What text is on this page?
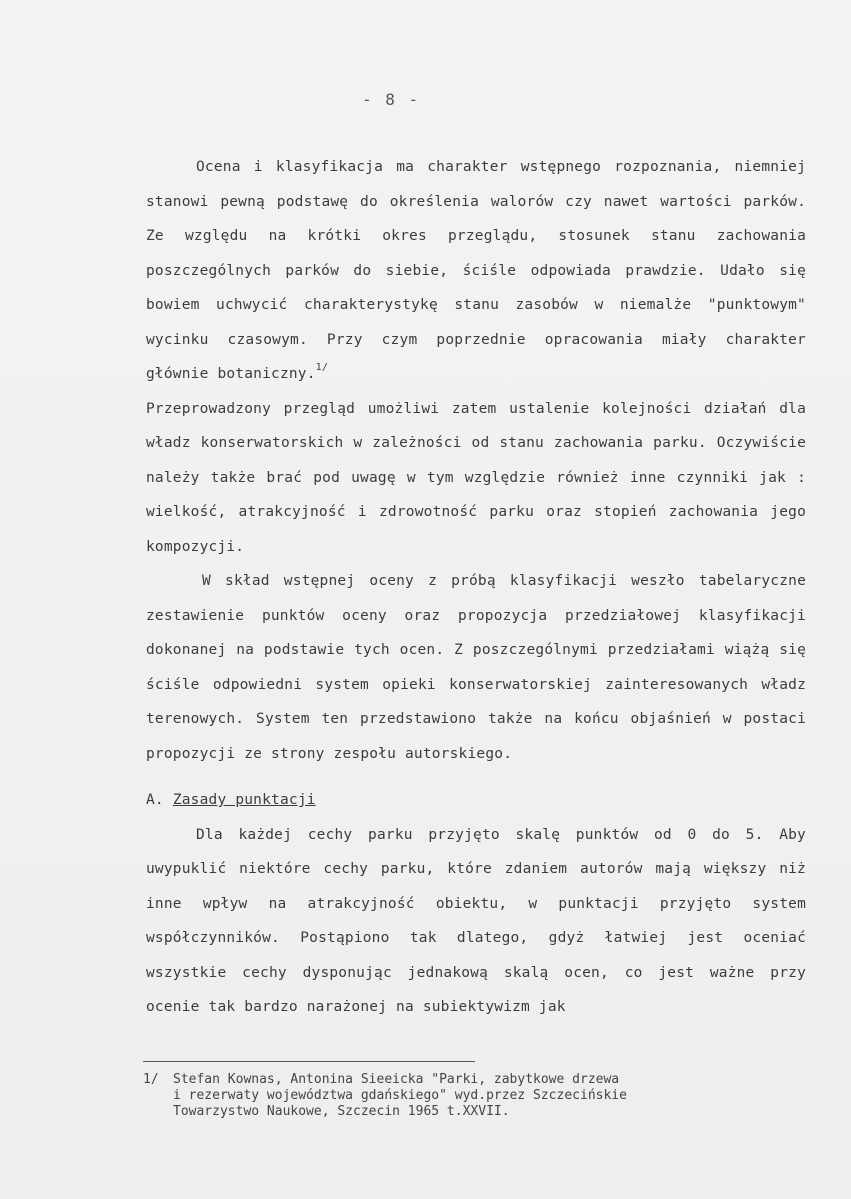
- 8 -

Ocena i klasyfikacja ma charakter wstępnego rozpoznania, niemniej stanowi pewną podstawę do określenia walorów czy nawet wartości parków. Ze względu na krótki okres przeglądu, stosunek stanu zachowania poszczególnych parków do siebie, ściśle odpowiada prawdzie. Udało się bowiem uchwycić charakterystykę stanu zasobów w niemalże "punktowym" wycinku czasowym. Przy czym poprzednie opracowania miały charakter głównie botaniczny.$^{1/}$

Przeprowadzony przegląd umożliwi zatem ustalenie kolejności działań dla władz konserwatorskich w zależności od stanu zachowania parku. Oczywiście należy także brać pod uwagę w tym względzie również inne czynniki jak : wielkość, atrakcyjność i zdrowotność parku oraz stopień zachowania jego kompozycji.

W skład wstępnej oceny z próbą klasyfikacji weszło tabelaryczne zestawienie punktów oceny oraz propozycja przedziałowej klasyfikacji dokonanej na podstawie tych ocen. Z poszczególnymi przedziałami wiążą się ściśle odpowiedni system opieki konserwatorskiej zainteresowanych władz terenowych. System ten przedstawiono także na końcu objaśnień w postaci propozycji ze strony zespołu autorskiego.

A. Zasady punktacji

Dla każdej cechy parku przyjęto skalę punktów od 0 do 5. Aby uwypuklić niektóre cechy parku, które zdaniem autorów mają większy niż inne wpływ na atrakcyjność obiektu, w punktacji przyjęto system współczynników. Postąpiono tak dlatego, gdyż łatwiej jest oceniać wszystkie cechy dysponując jednakową skalą ocen, co jest ważne przy ocenie tak bardzo narażonej na subiektywizm jak

1/ Stefan Kownas, Antonina Sieeicka "Parki, zabytkowe drzewa
i rezerwaty województwa gdańskiego" wyd.przez Szczecińskie
Towarzystwo Naukowe, Szczecin 1965 t.XXVII.
